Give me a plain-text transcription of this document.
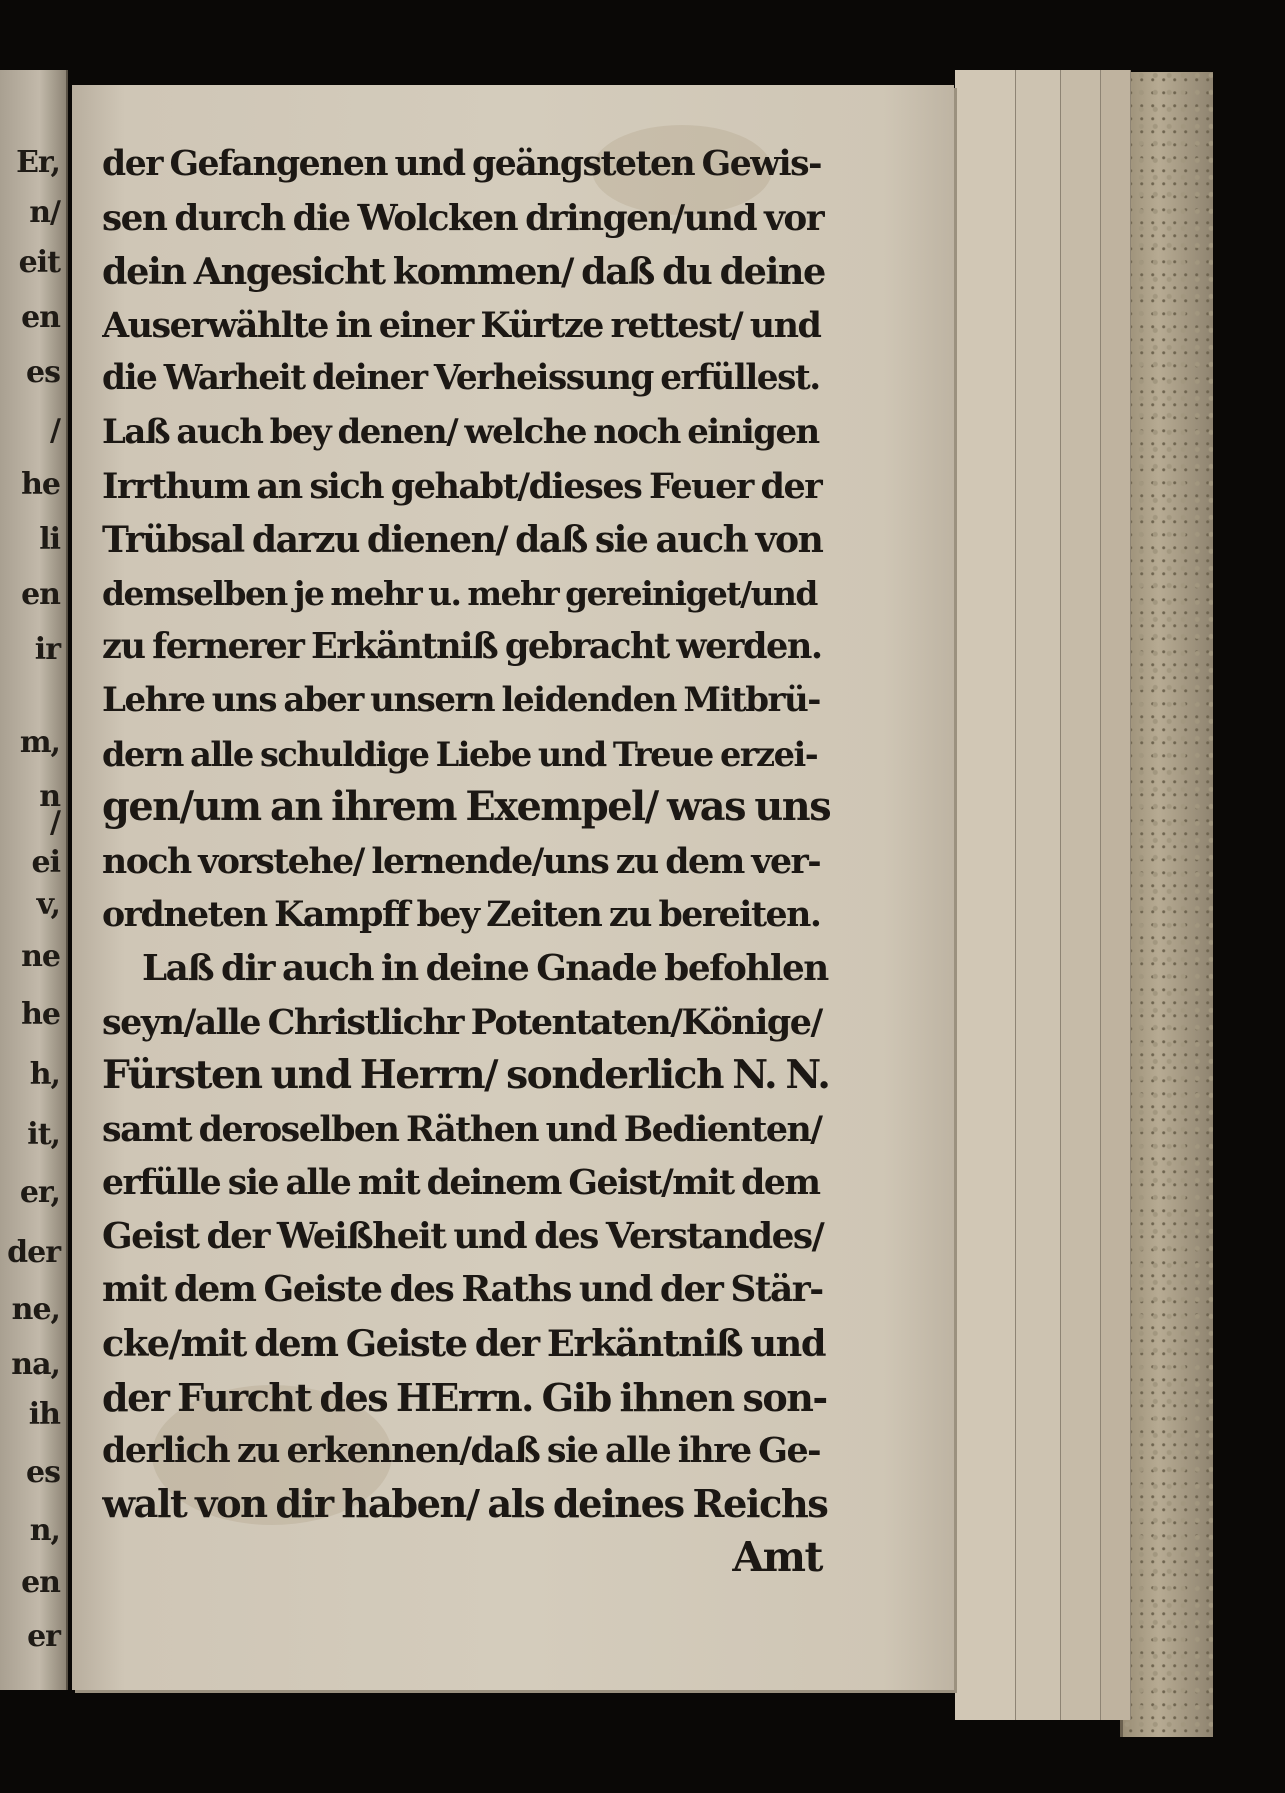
Er,
n/
eit
en
es
/
he
li
en
ir
m,
n
/
ei
v,
ne
he
h,
it,
er,
der
ne,
na,
ih
es
n,
en
er
der Gefangenen und geängsteten Gewis-
sen durch die Wolcken dringen/und vor
dein Angesicht kommen/ daß du deine
Auserwählte in einer Kürtze rettest/ und
die Warheit deiner Verheissung erfüllest.
Laß auch bey denen/ welche noch einigen
Irrthum an sich gehabt/dieses Feuer der
Trübsal darzu dienen/ daß sie auch von
demselben je mehr u. mehr gereiniget/und
zu fernerer Erkäntniß gebracht werden.
Lehre uns aber unsern leidenden Mitbrü-
dern alle schuldige Liebe und Treue erzei-
gen/um an ihrem Exempel/ was uns
noch vorstehe/ lernende/uns zu dem ver-
ordneten Kampff bey Zeiten zu bereiten.
Laß dir auch in deine Gnade befohlen
seyn/alle Christlichr Potentaten/Könige/
Fürsten und Herrn/ sonderlich N. N.
samt deroselben Räthen und Bedienten/
erfülle sie alle mit deinem Geist/mit dem
Geist der Weißheit und des Verstandes/
mit dem Geiste des Raths und der Stär-
cke/mit dem Geiste der Erkäntniß und
der Furcht des HErrn. Gib ihnen son-
derlich zu erkennen/daß sie alle ihre Ge-
walt von dir haben/ als deines Reichs
Amt
